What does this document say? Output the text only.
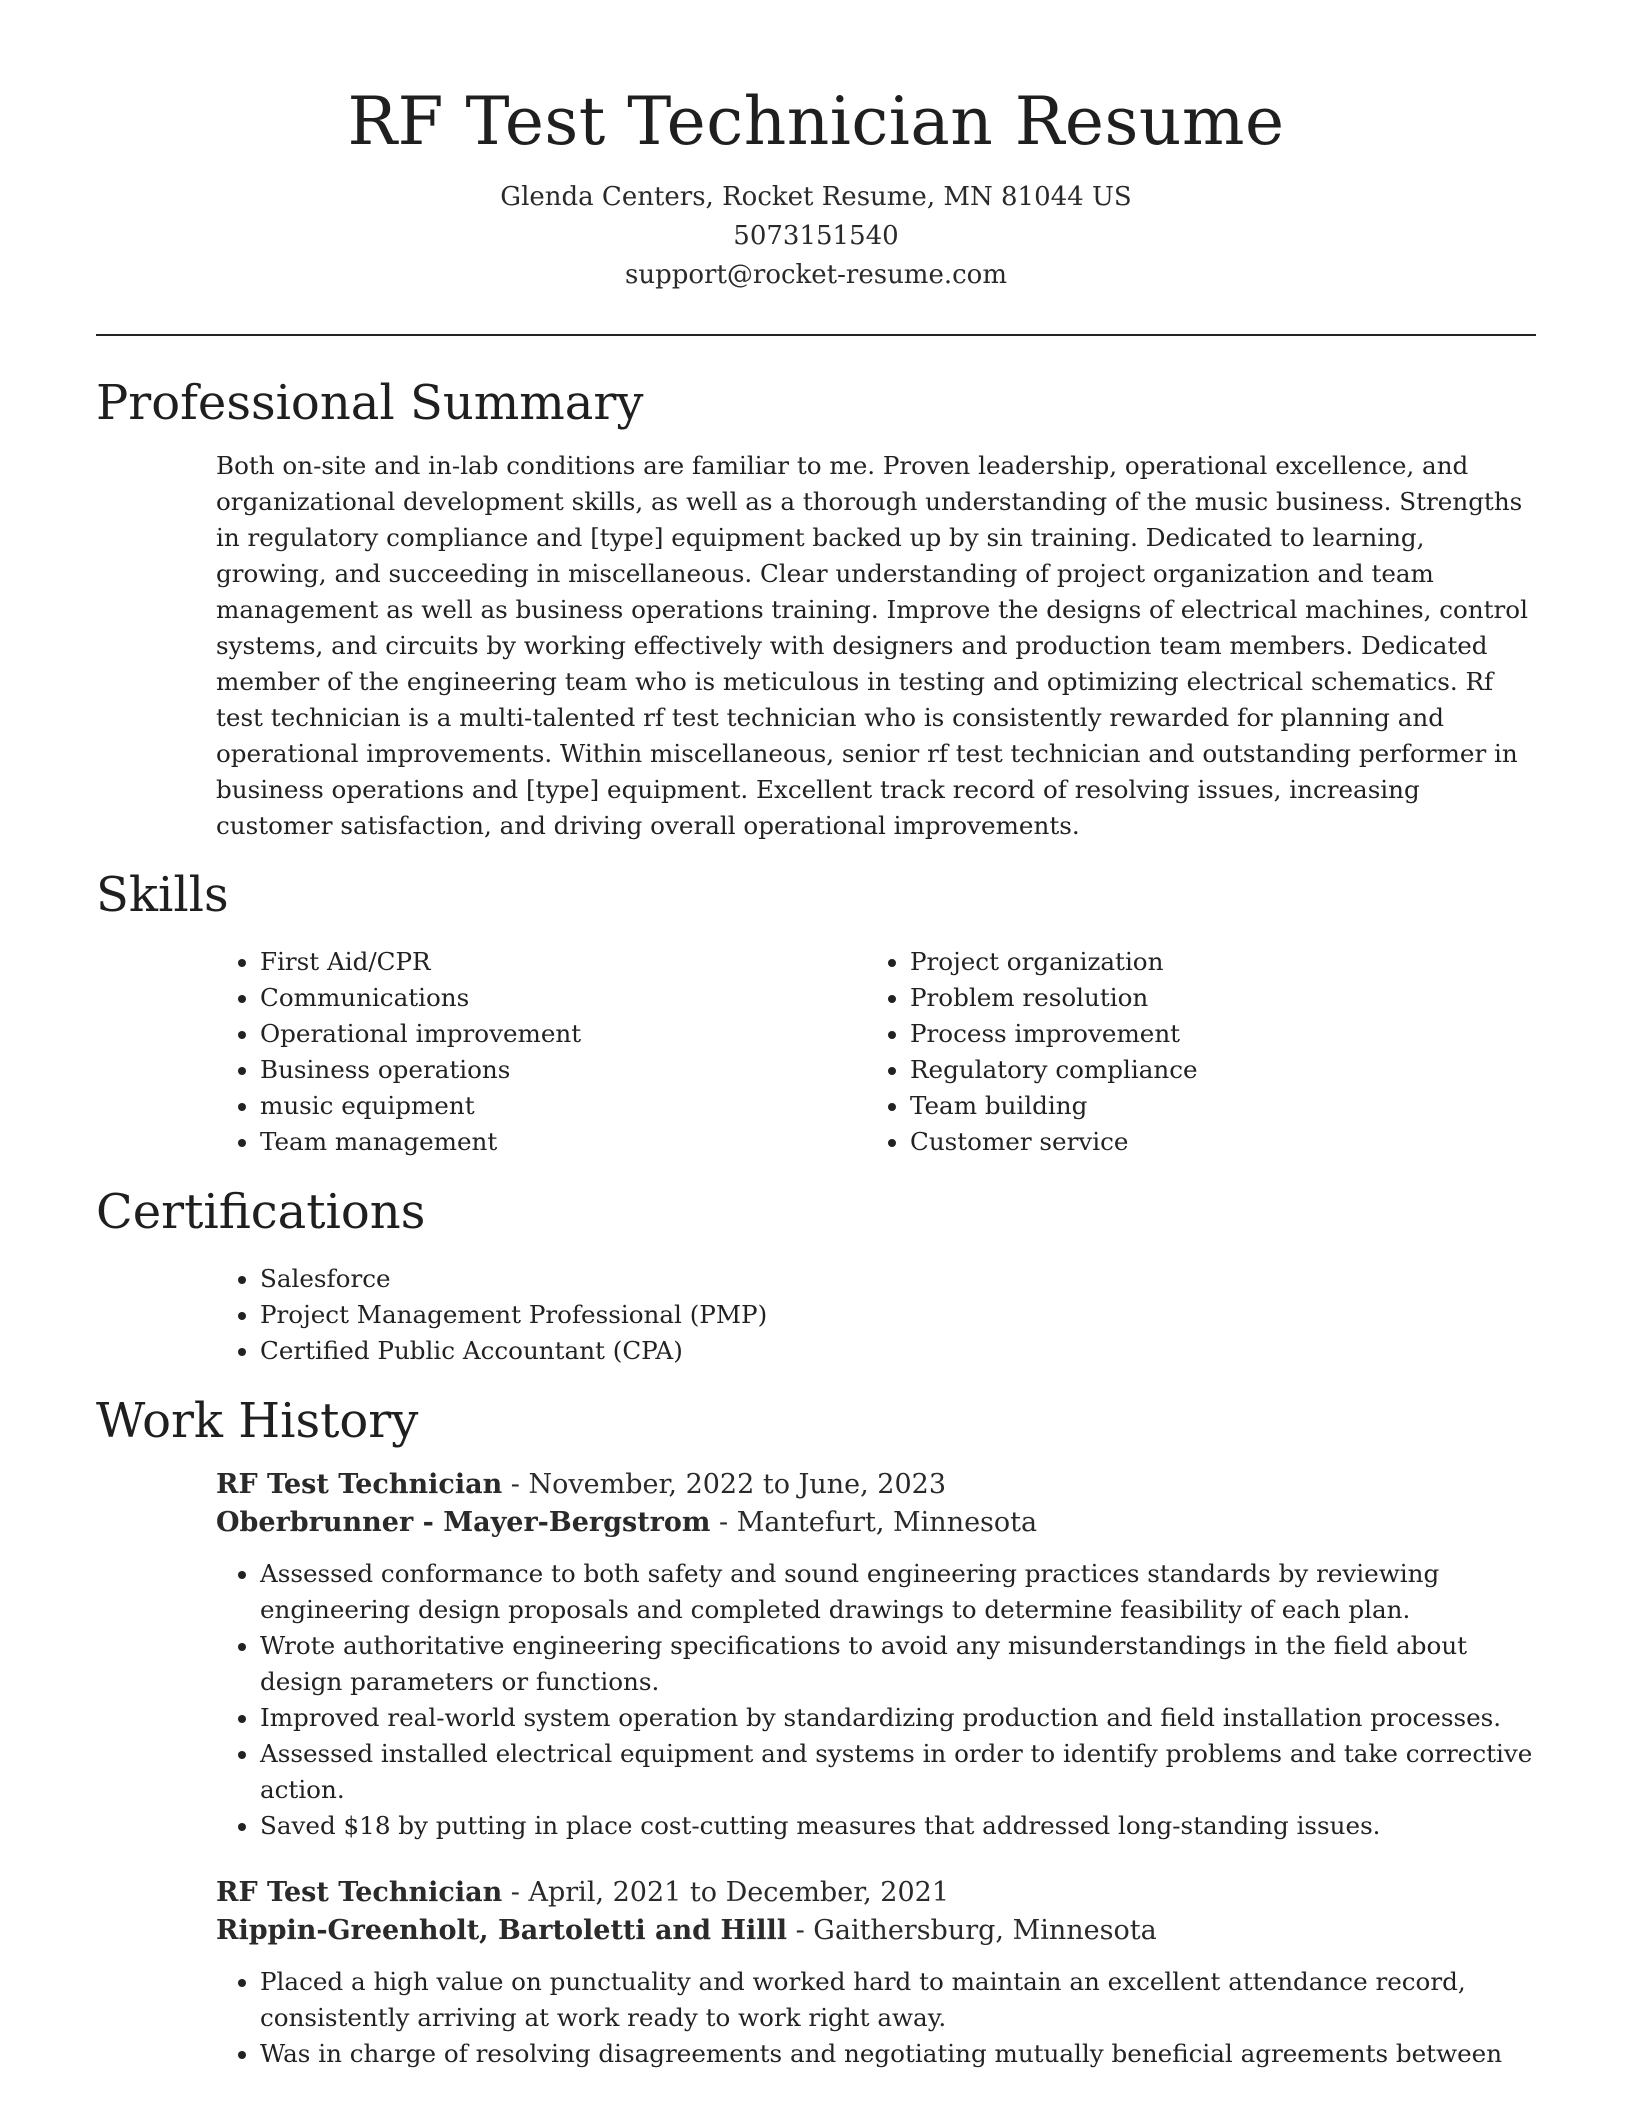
RF Test Technician Resume
Glenda Centers, Rocket Resume, MN 81044 US
5073151540
support@rocket-resume.com
Professional Summary

Both on-site and in-lab conditions are familiar to me. Proven leadership, operational excellence, and organizational development skills, as well as a thorough understanding of the music business. Strengths in regulatory compliance and [type] equipment backed up by sin training. Dedicated to learning, growing, and succeeding in miscellaneous. Clear understanding of project organization and team management as well as business operations training. Improve the designs of electrical machines, control systems, and circuits by working effectively with designers and production team members. Dedicated member of the engineering team who is meticulous in testing and optimizing electrical schematics. Rf test technician is a multi-talented rf test technician who is consistently rewarded for planning and operational improvements. Within miscellaneous, senior rf test technician and outstanding performer in business operations and [type] equipment. Excellent track record of resolving issues, increasing customer satisfaction, and driving overall operational improvements.

Skills
• First Aid/CPR
• Communications
• Operational improvement
• Business operations
• music equipment
• Team management
• Project organization
• Problem resolution
• Process improvement
• Regulatory compliance
• Team building
• Customer service
Certifications
• Salesforce
• Project Management Professional (PMP)
• Certified Public Accountant (CPA)
Work History
RF Test Technician - November, 2022 to June, 2023
Oberbrunner - Mayer-Bergstrom - Mantefurt, Minnesota
• Assessed conformance to both safety and sound engineering practices standards by reviewing engineering design proposals and completed drawings to determine feasibility of each plan.
• Wrote authoritative engineering specifications to avoid any misunderstandings in the field about design parameters or functions.
• Improved real-world system operation by standardizing production and field installation processes.
• Assessed installed electrical equipment and systems in order to identify problems and take corrective action.
• Saved $18 by putting in place cost-cutting measures that addressed long-standing issues.
RF Test Technician - April, 2021 to December, 2021
Rippin-Greenholt, Bartoletti and Hilll - Gaithersburg, Minnesota
• Placed a high value on punctuality and worked hard to maintain an excellent attendance record, consistently arriving at work ready to work right away.
• Was in charge of resolving disagreements and negotiating mutually beneficial agreements between
